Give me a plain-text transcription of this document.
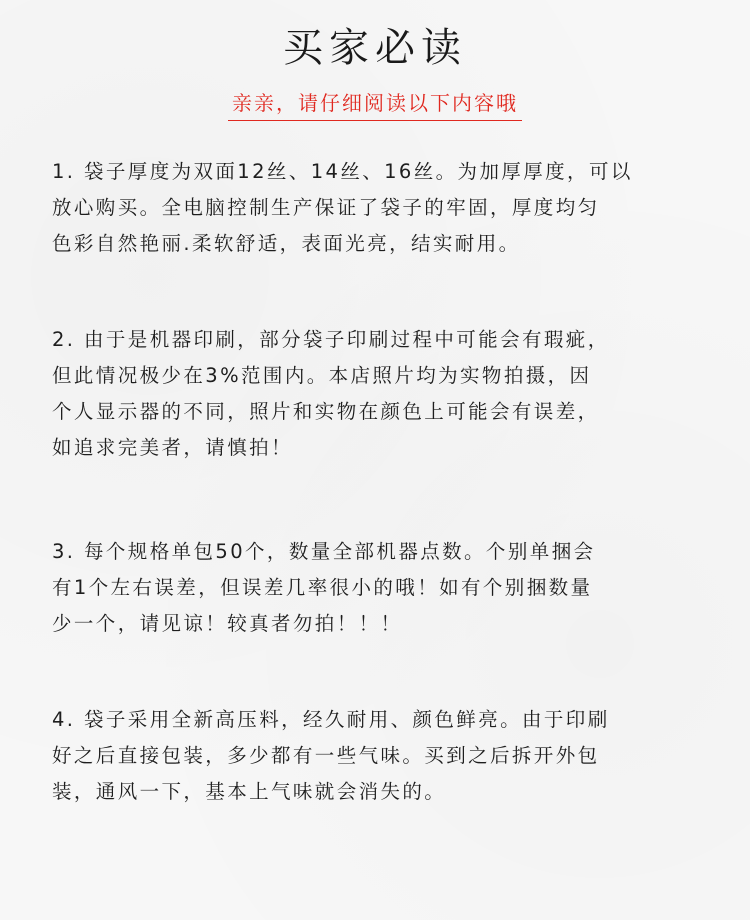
买家必读
亲亲，请仔细阅读以下内容哦
1. 袋子厚度为双面12丝、14丝、16丝。为加厚厚度，可以
放心购买。全电脑控制生产保证了袋子的牢固，厚度均匀
色彩自然艳丽.柔软舒适，表面光亮，结实耐用。
2. 由于是机器印刷，部分袋子印刷过程中可能会有瑕疵，
但此情况极少在3%范围内。本店照片均为实物拍摄，因
个人显示器的不同，照片和实物在颜色上可能会有误差，
如追求完美者，请慎拍！
3. 每个规格单包50个，数量全部机器点数。个别单捆会
有1个左右误差，但误差几率很小的哦！如有个别捆数量
少一个，请见谅！较真者勿拍！！！
4. 袋子采用全新高压料，经久耐用、颜色鲜亮。由于印刷
好之后直接包装，多少都有一些气味。买到之后拆开外包
装，通风一下，基本上气味就会消失的。
